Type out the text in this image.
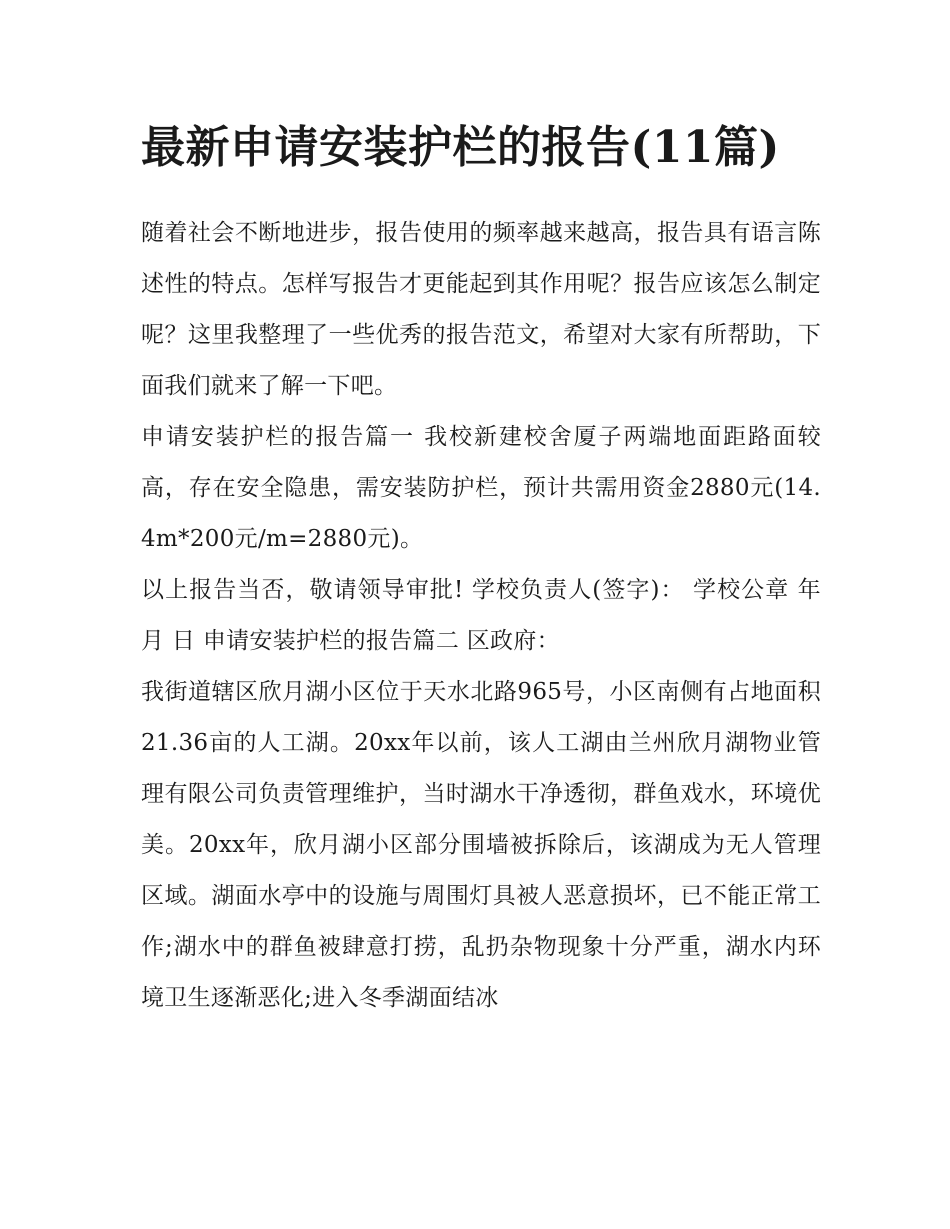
最新申请安装护栏的报告(11篇)

随着社会不断地进步，报告使用的频率越来越高，报告具有语言陈述性的特点。怎样写报告才更能起到其作用呢？报告应该怎么制定呢？这里我整理了一些优秀的报告范文，希望对大家有所帮助，下面我们就来了解一下吧。

申请安装护栏的报告篇一 我校新建校舍厦子两端地面距路面较高，存在安全隐患，需安装防护栏，预计共需用资金2880元(14.4m*200元/m=2880元)。

以上报告当否，敬请领导审批! 学校负责人(签字)： 学校公章 年 月 日 申请安装护栏的报告篇二 区政府：

我街道辖区欣月湖小区位于天水北路965号，小区南侧有占地面积21.36亩的人工湖。20xx年以前，该人工湖由兰州欣月湖物业管理有限公司负责管理维护，当时湖水干净透彻，群鱼戏水，环境优美。20xx年，欣月湖小区部分围墙被拆除后，该湖成为无人管理区域。湖面水亭中的设施与周围灯具被人恶意损坏，已不能正常工作;湖水中的群鱼被肆意打捞，乱扔杂物现象十分严重，湖水内环境卫生逐渐恶化;进入冬季湖面结冰
